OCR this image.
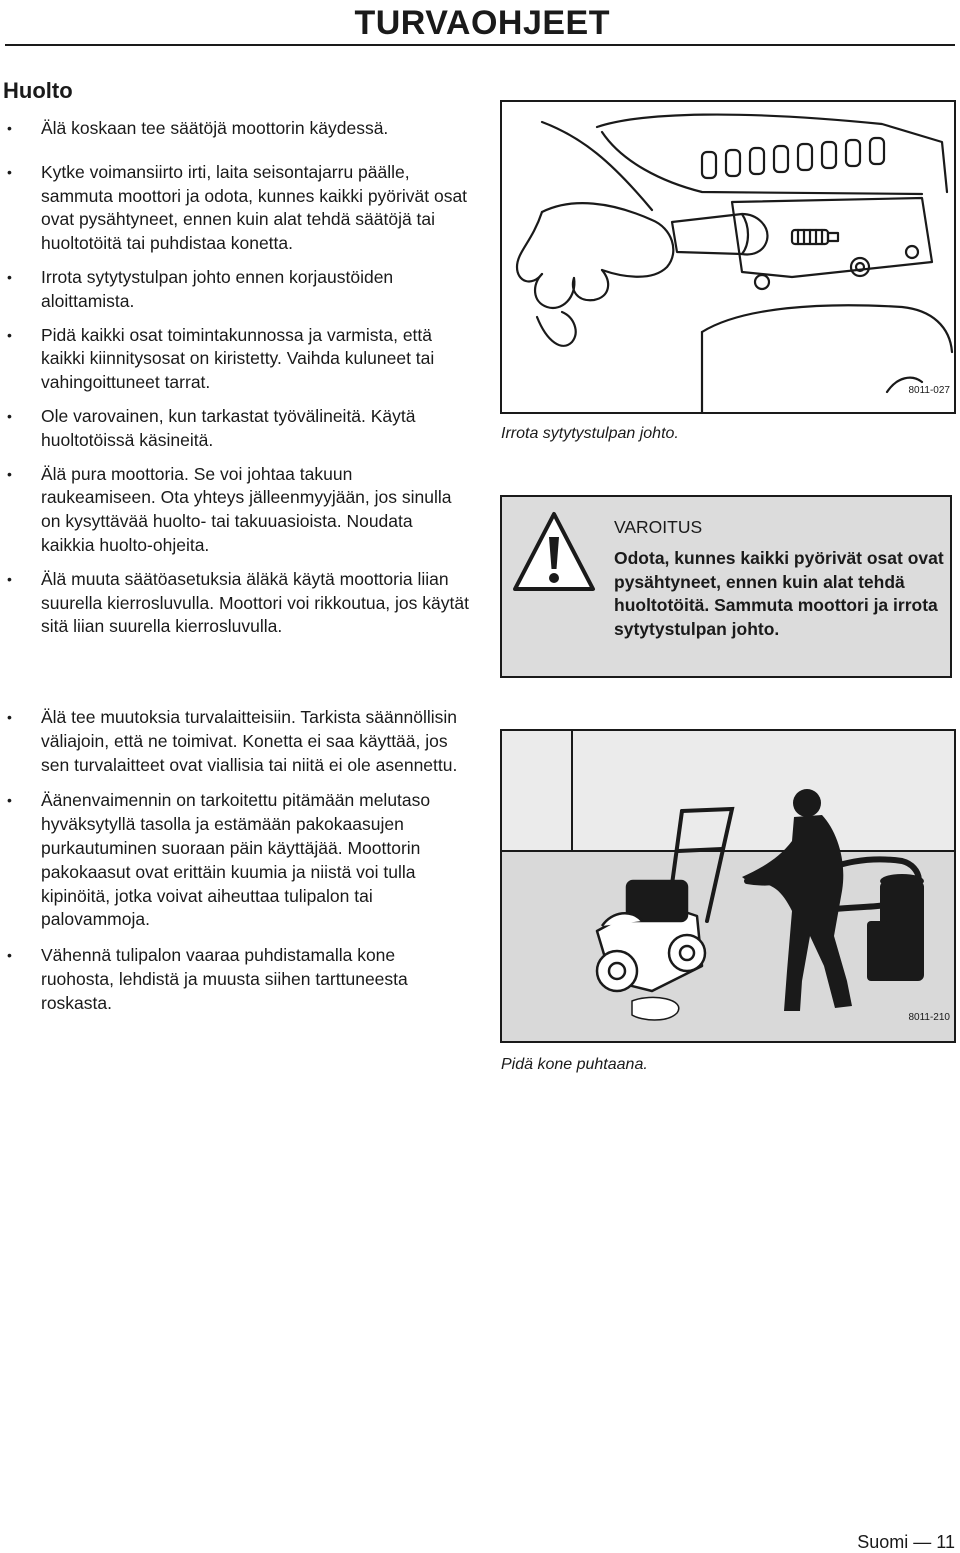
TURVAOHJEET
Huolto
• Älä koskaan tee säätöjä moottorin käydessä.
• Kytke voimansiirto irti, laita seisontajarru päälle, sammuta moottori ja odota, kunnes kaikki pyörivät osat ovat pysähtyneet, ennen kuin alat tehdä säätöjä tai huoltotöitä tai puhdistaa konetta.
• Irrota sytytystulpan johto ennen korjaustöiden aloittamista.
• Pidä kaikki osat toimintakunnossa ja varmista, että kaikki kiinnitysosat on kiristetty. Vaihda kuluneet tai vahingoittuneet tarrat.
• Ole varovainen, kun tarkastat työvälineitä. Käytä huoltotöissä käsineitä.
• Älä pura moottoria. Se voi johtaa takuun raukeamiseen. Ota yhteys jälleenmyyjään, jos sinulla on kysyttävää huolto- tai takuuasioista. Noudata kaikkia huolto-ohjeita.
• Älä muuta säätöasetuksia äläkä käytä moottoria liian suurella kierrosluvulla. Moottori voi rikkoutua, jos käytät sitä liian suurella kierrosluvulla.
• Älä tee muutoksia turvalaitteisiin. Tarkista säännöllisin väliajoin, että ne toimivat. Konetta ei saa käyttää, jos sen turvalaitteet ovat viallisia tai niitä ei ole asennettu.
• Äänenvaimennin on tarkoitettu pitämään melutaso hyväksytyllä tasolla ja estämään pakokaasujen purkautuminen suoraan päin käyttäjää. Moottorin pakokaasut ovat erittäin kuumia ja niistä voi tulla kipinöitä, jotka voivat aiheuttaa tulipalon tai palovammoja.
• Vähennä tulipalon vaaraa puhdistamalla kone ruohosta, lehdistä ja muusta siihen tarttuneesta roskasta.
8011-027
Irrota sytytystulpan johto.
VAROITUS
Odota, kunnes kaikki pyörivät osat ovat pysähtyneet, ennen kuin alat tehdä huoltotöitä. Sammuta moottori ja irrota sytytystulpan johto.
8011-210
Pidä kone puhtaana.
Suomi — 11
